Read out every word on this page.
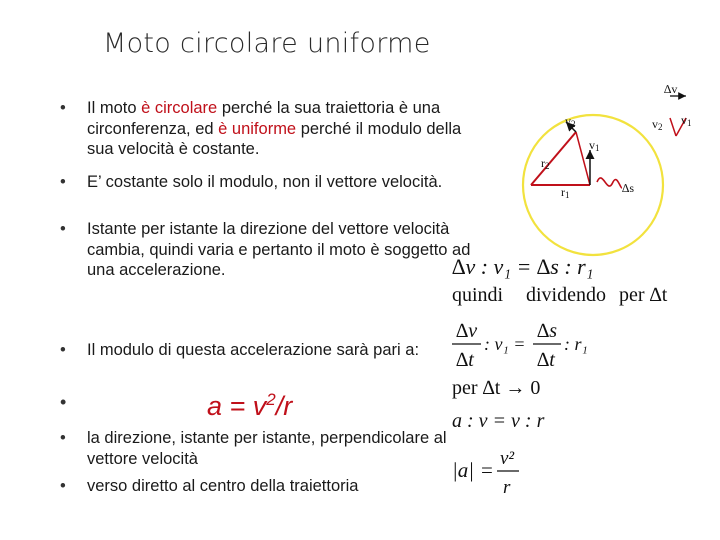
Moto circolare uniforme
• Il moto è circolare perché la sua traiettoria è una circonferenza, ed è uniforme perché il modulo della sua velocità è costante.
• E’ costante solo il modulo, non il vettore velocità.
• Istante per istante la direzione del vettore velocità cambia, quindi varia e pertanto il moto è soggetto ad una accelerazione.
• Il modulo di questa accelerazione sarà pari a:
• la direzione, istante per istante, perpendicolare al vettore velocità
• verso diretto al centro della traiettoria
•	$a = v^2/r$
v2
v1
r2
r1	∆s
∆v
v2 v1
∆v : v₁ = ∆s : r₁
quindi dividendo per ∆t
∆v
∆t
: v₁ =
∆s
∆t
: r₁
per ∆t → 0
a : v = v : r
|a| = v²
r
